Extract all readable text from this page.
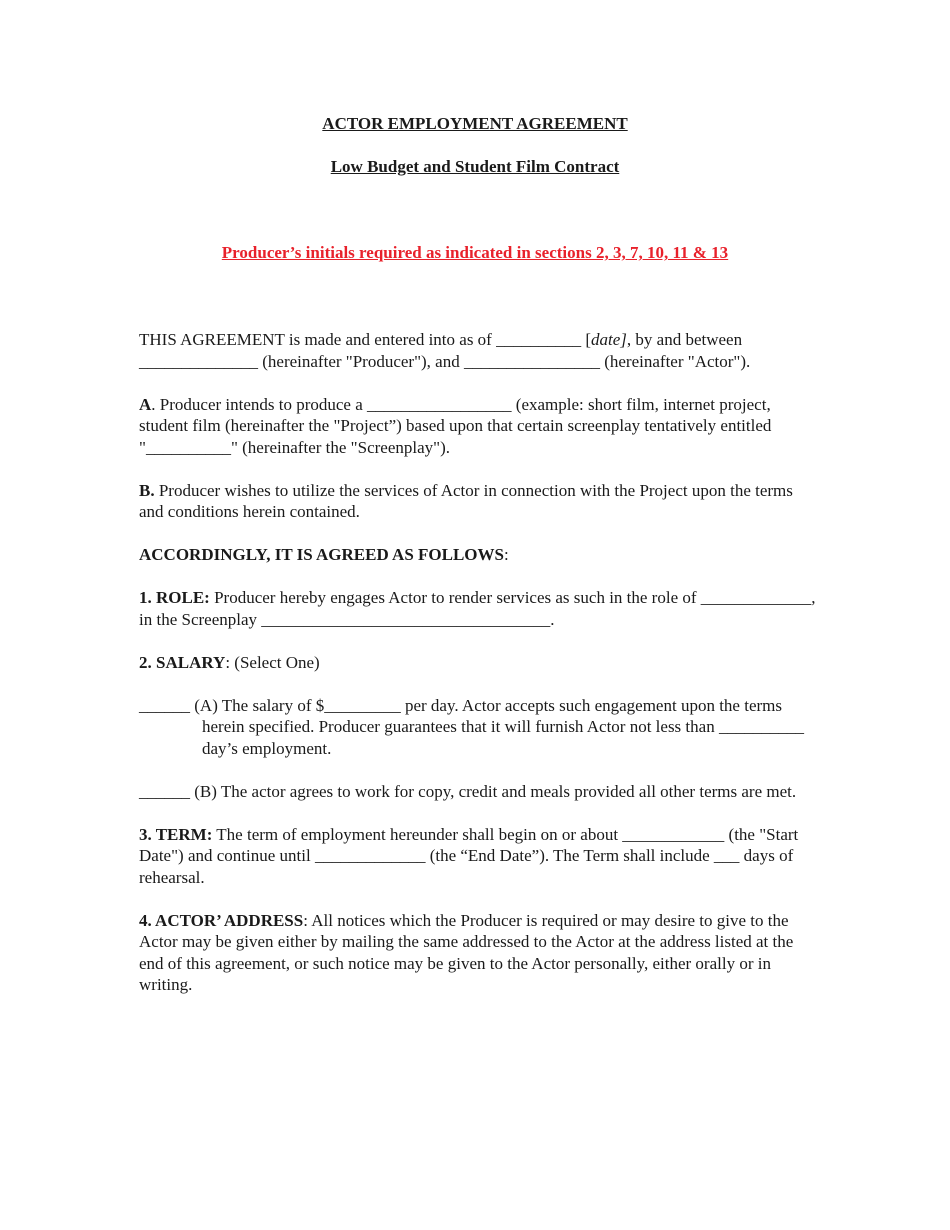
ACTOR EMPLOYMENT AGREEMENT

Low Budget and Student Film Contract

Producer’s initials required as indicated in sections 2, 3, 7, 10, 11 & 13

THIS AGREEMENT is made and entered into as of __________ [date], by and between ______________ (hereinafter "Producer"), and ________________ (hereinafter "Actor").

A. Producer intends to produce a _________________ (example: short film, internet project, student film (hereinafter the "Project”) based upon that certain screenplay tentatively entitled "__________" (hereinafter the "Screenplay").

B. Producer wishes to utilize the services of Actor in connection with the Project upon the terms and conditions herein contained.

ACCORDINGLY, IT IS AGREED AS FOLLOWS:

1. ROLE: Producer hereby engages Actor to render services as such in the role of _____________, in the Screenplay __________________________________.

2. SALARY: (Select One)

______ (A) The salary of $_________ per day. Actor accepts such engagement upon the terms herein specified. Producer guarantees that it will furnish Actor not less than __________ day’s employment.

______ (B) The actor agrees to work for copy, credit and meals provided all other terms are met.

3. TERM: The term of employment hereunder shall begin on or about ____________ (the "Start Date") and continue until _____________ (the “End Date”). The Term shall include ___ days of rehearsal.

4. ACTOR’ ADDRESS: All notices which the Producer is required or may desire to give to the Actor may be given either by mailing the same addressed to the Actor at the address listed at the end of this agreement, or such notice may be given to the Actor personally, either orally or in writing.
